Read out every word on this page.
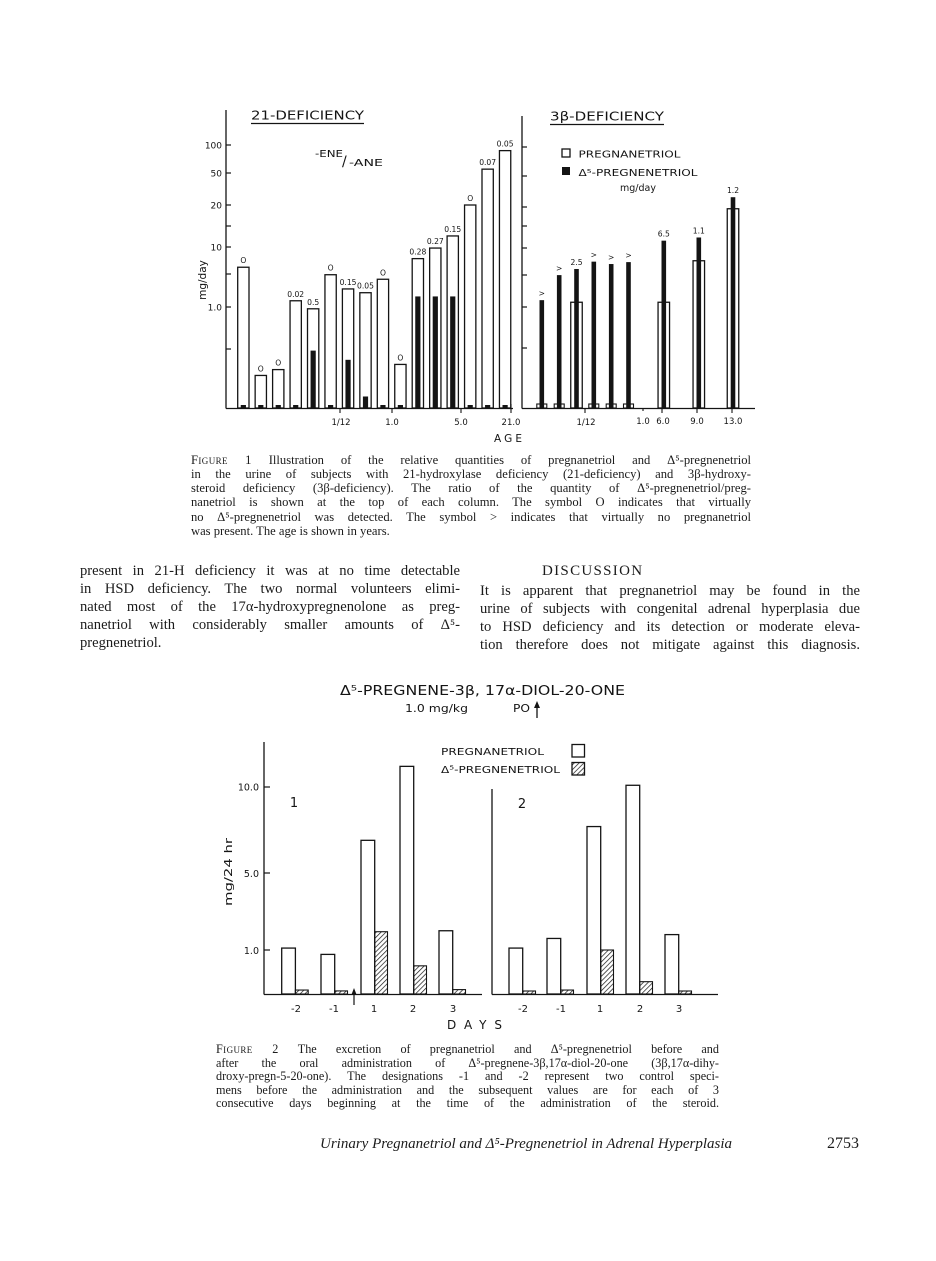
21-DEFICIENCY	3β-DEFICIENCY
-ENE / -ANE
100
50
20
10
1.0
mg/day
1/12	1.0	5.0	21.0	1/12	1.0 6.0 9.0 13.0
AGE
PREGNANETRIOL
Δ⁵-PREGNENETRIOL
mg/day
O
O
O
0.02
0.5
O
0.15 0.05
O
O
0.28
0.27
0.15
O
0.07
0.05
>
>
2.5
> > >
6.5	1.1
1.2
Δ⁵-PREGNENE-3β, 17α-DIOL-20-ONE
1.0 mg/kg	PO
PREGNANETRIOL
Δ⁵-PREGNENETRIOL
10.0
5.0
1.0
mg/24 hr
1	2
-2	-1	1	2	3	-2	-1	1	2	3
DAYS
Figure 1 Illustration of the relative quantities of pregnanetriol and Δ⁵-pregnenetriol
in the urine of subjects with 21-hydroxylase deficiency (21-deficiency) and 3β-hydroxy-
steroid deficiency (3β-deficiency). The ratio of the quantity of Δ⁵-pregnenetriol/preg-
nanetriol is shown at the top of each column. The symbol O indicates that virtually
no Δ⁵-pregnenetriol was detected. The symbol > indicates that virtually no pregnanetriol
was present. The age is shown in years.
present in 21-H deficiency it was at no time detectable
in HSD deficiency. The two normal volunteers elimi-
nated most of the 17α-hydroxypregnenolone as preg-
nanetriol with considerably smaller amounts of Δ⁵-
pregnenetriol.
DISCUSSION
It is apparent that pregnanetriol may be found in the
urine of subjects with congenital adrenal hyperplasia due
to HSD deficiency and its detection or moderate eleva-
tion therefore does not mitigate against this diagnosis.
Figure 2 The excretion of pregnanetriol and Δ⁵-pregnenetriol before and
after the oral administration of Δ⁵-pregnene-3β,17α-diol-20-one (3β,17α-dihy-
droxy-pregn-5-20-one). The designations -1 and -2 represent two control speci-
mens before the administration and the subsequent values are for each of 3
consecutive days beginning at the time of the administration of the steroid.
Urinary Pregnanetriol and Δ⁵-Pregnenetriol in Adrenal Hyperplasia	2753
